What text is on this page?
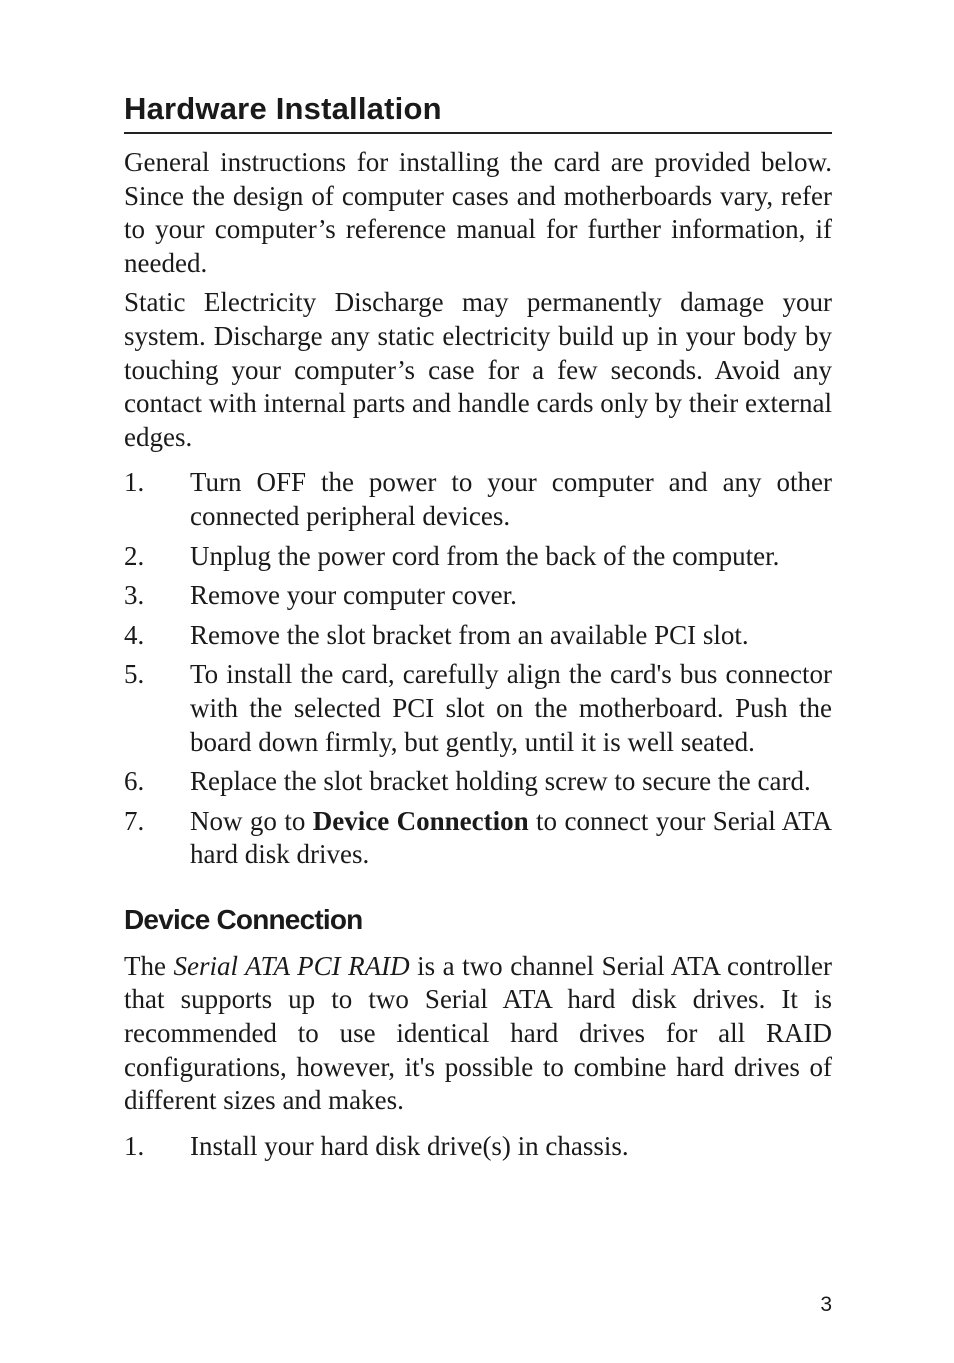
Hardware Installation

General instructions for installing the card are provided below. Since the design of computer cases and motherboards vary, refer to your computer’s reference manual for further information, if needed.

Static Electricity Discharge may permanently damage your system. Discharge any static electricity build up in your body by touching your computer’s case for a few seconds. Avoid any contact with internal parts and handle cards only by their external edges.

1. Turn OFF the power to your computer and any other connected peripheral devices.
2. Unplug the power cord from the back of the computer.
3. Remove your computer cover.
4. Remove the slot bracket from an available PCI slot.
5. To install the card, carefully align the card's bus connector with the selected PCI slot on the motherboard. Push the board down firmly, but gently, until it is well seated.
6. Replace the slot bracket holding screw to secure the card.
7. Now go to Device Connection to connect your Serial ATA hard disk drives.
Device Connection

The Serial ATA PCI RAID is a two channel Serial ATA controller that supports up to two Serial ATA hard disk drives. It is recommended to use identical hard drives for all RAID configurations, however, it's possible to combine hard drives of different sizes and makes.

1. Install your hard disk drive(s) in chassis.
3
